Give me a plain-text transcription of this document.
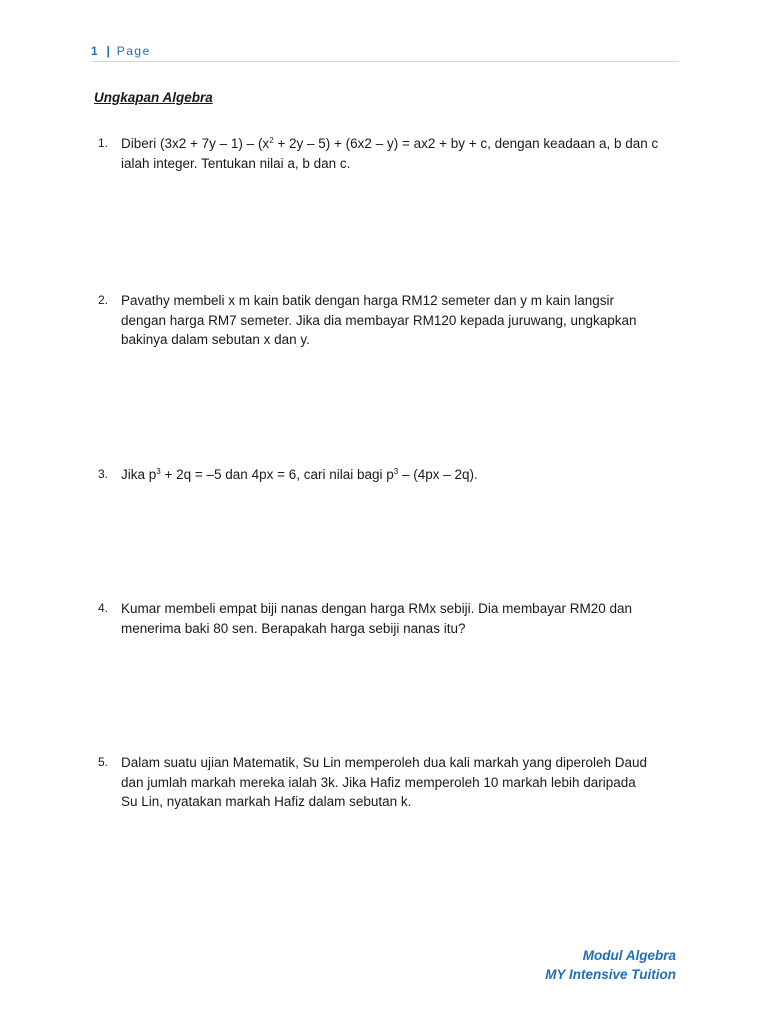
1 | Page
Ungkapan Algebra
1. Diberi $(3x2 + 7y - 1) - (x^2 + 2y - 5) + (6x2 - y) = ax2$ + by + c, dengan keadaan a, b dan c
ialah integer. Tentukan nilai a, b dan c.
2. Pavathy membeli x m kain batik dengan harga RM12 semeter dan y m kain langsir
dengan harga RM7 semeter. Jika dia membayar RM120 kepada juruwang, ungkapkan
bakinya dalam sebutan x dan y.
3. Jika $p^3 + 2q = -5$ dan 4px = 6, cari nilai bagi $p^3 - (4px - 2q)$.
4. Kumar membeli empat biji nanas dengan harga RMx sebiji. Dia membayar RM20 dan
menerima baki 80 sen. Berapakah harga sebiji nanas itu?
5. Dalam suatu ujian Matematik, Su Lin memperoleh dua kali markah yang diperoleh Daud
dan jumlah markah mereka ialah 3k. Jika Hafiz memperoleh 10 markah lebih daripada
Su Lin, nyatakan markah Hafiz dalam sebutan k.
Modul Algebra
MY Intensive Tuition
